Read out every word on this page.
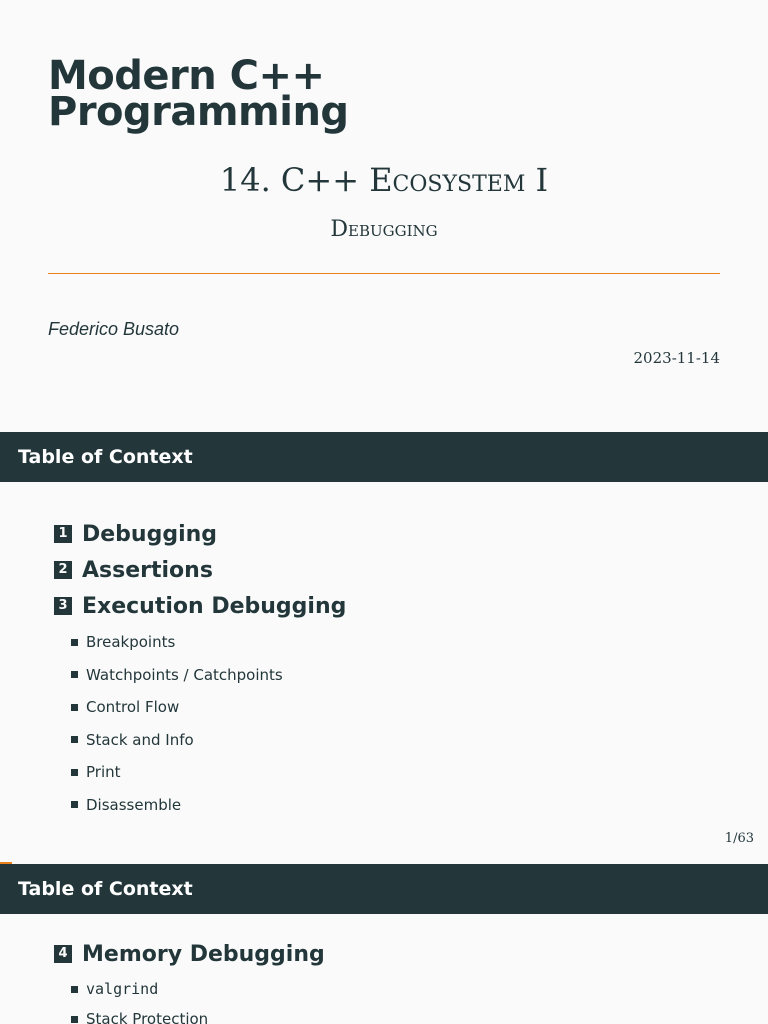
Modern C++
Programming
14. C++ Ecosystem I
Debugging
Federico Busato
2023-11-14
Table of Context
1 Debugging
2 Assertions
3 Execution Debugging
Breakpoints
Watchpoints / Catchpoints
Control Flow
Stack and Info
Print
Disassemble
1/63
Table of Context
4 Memory Debugging
valgrind
Stack Protection
